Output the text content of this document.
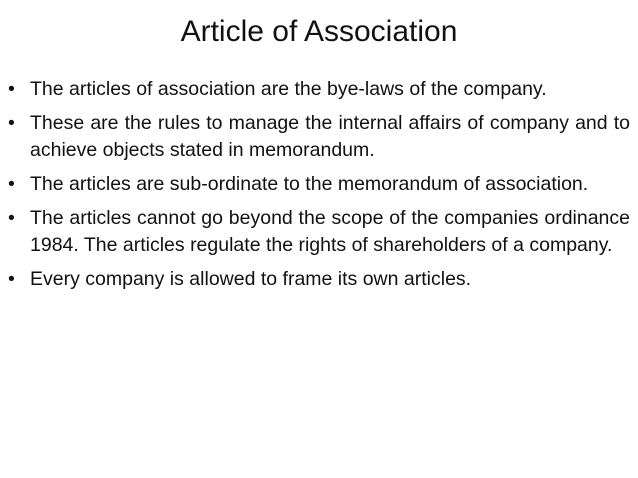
Article of Association
• The articles of association are the bye-laws of the company.
• These are the rules to manage the internal affairs of company and to achieve objects stated in memorandum.
• The articles are sub-ordinate to the memorandum of association.
• The articles cannot go beyond the scope of the companies ordinance 1984. The articles regulate the rights of shareholders of a company.
• Every company is allowed to frame its own articles.
